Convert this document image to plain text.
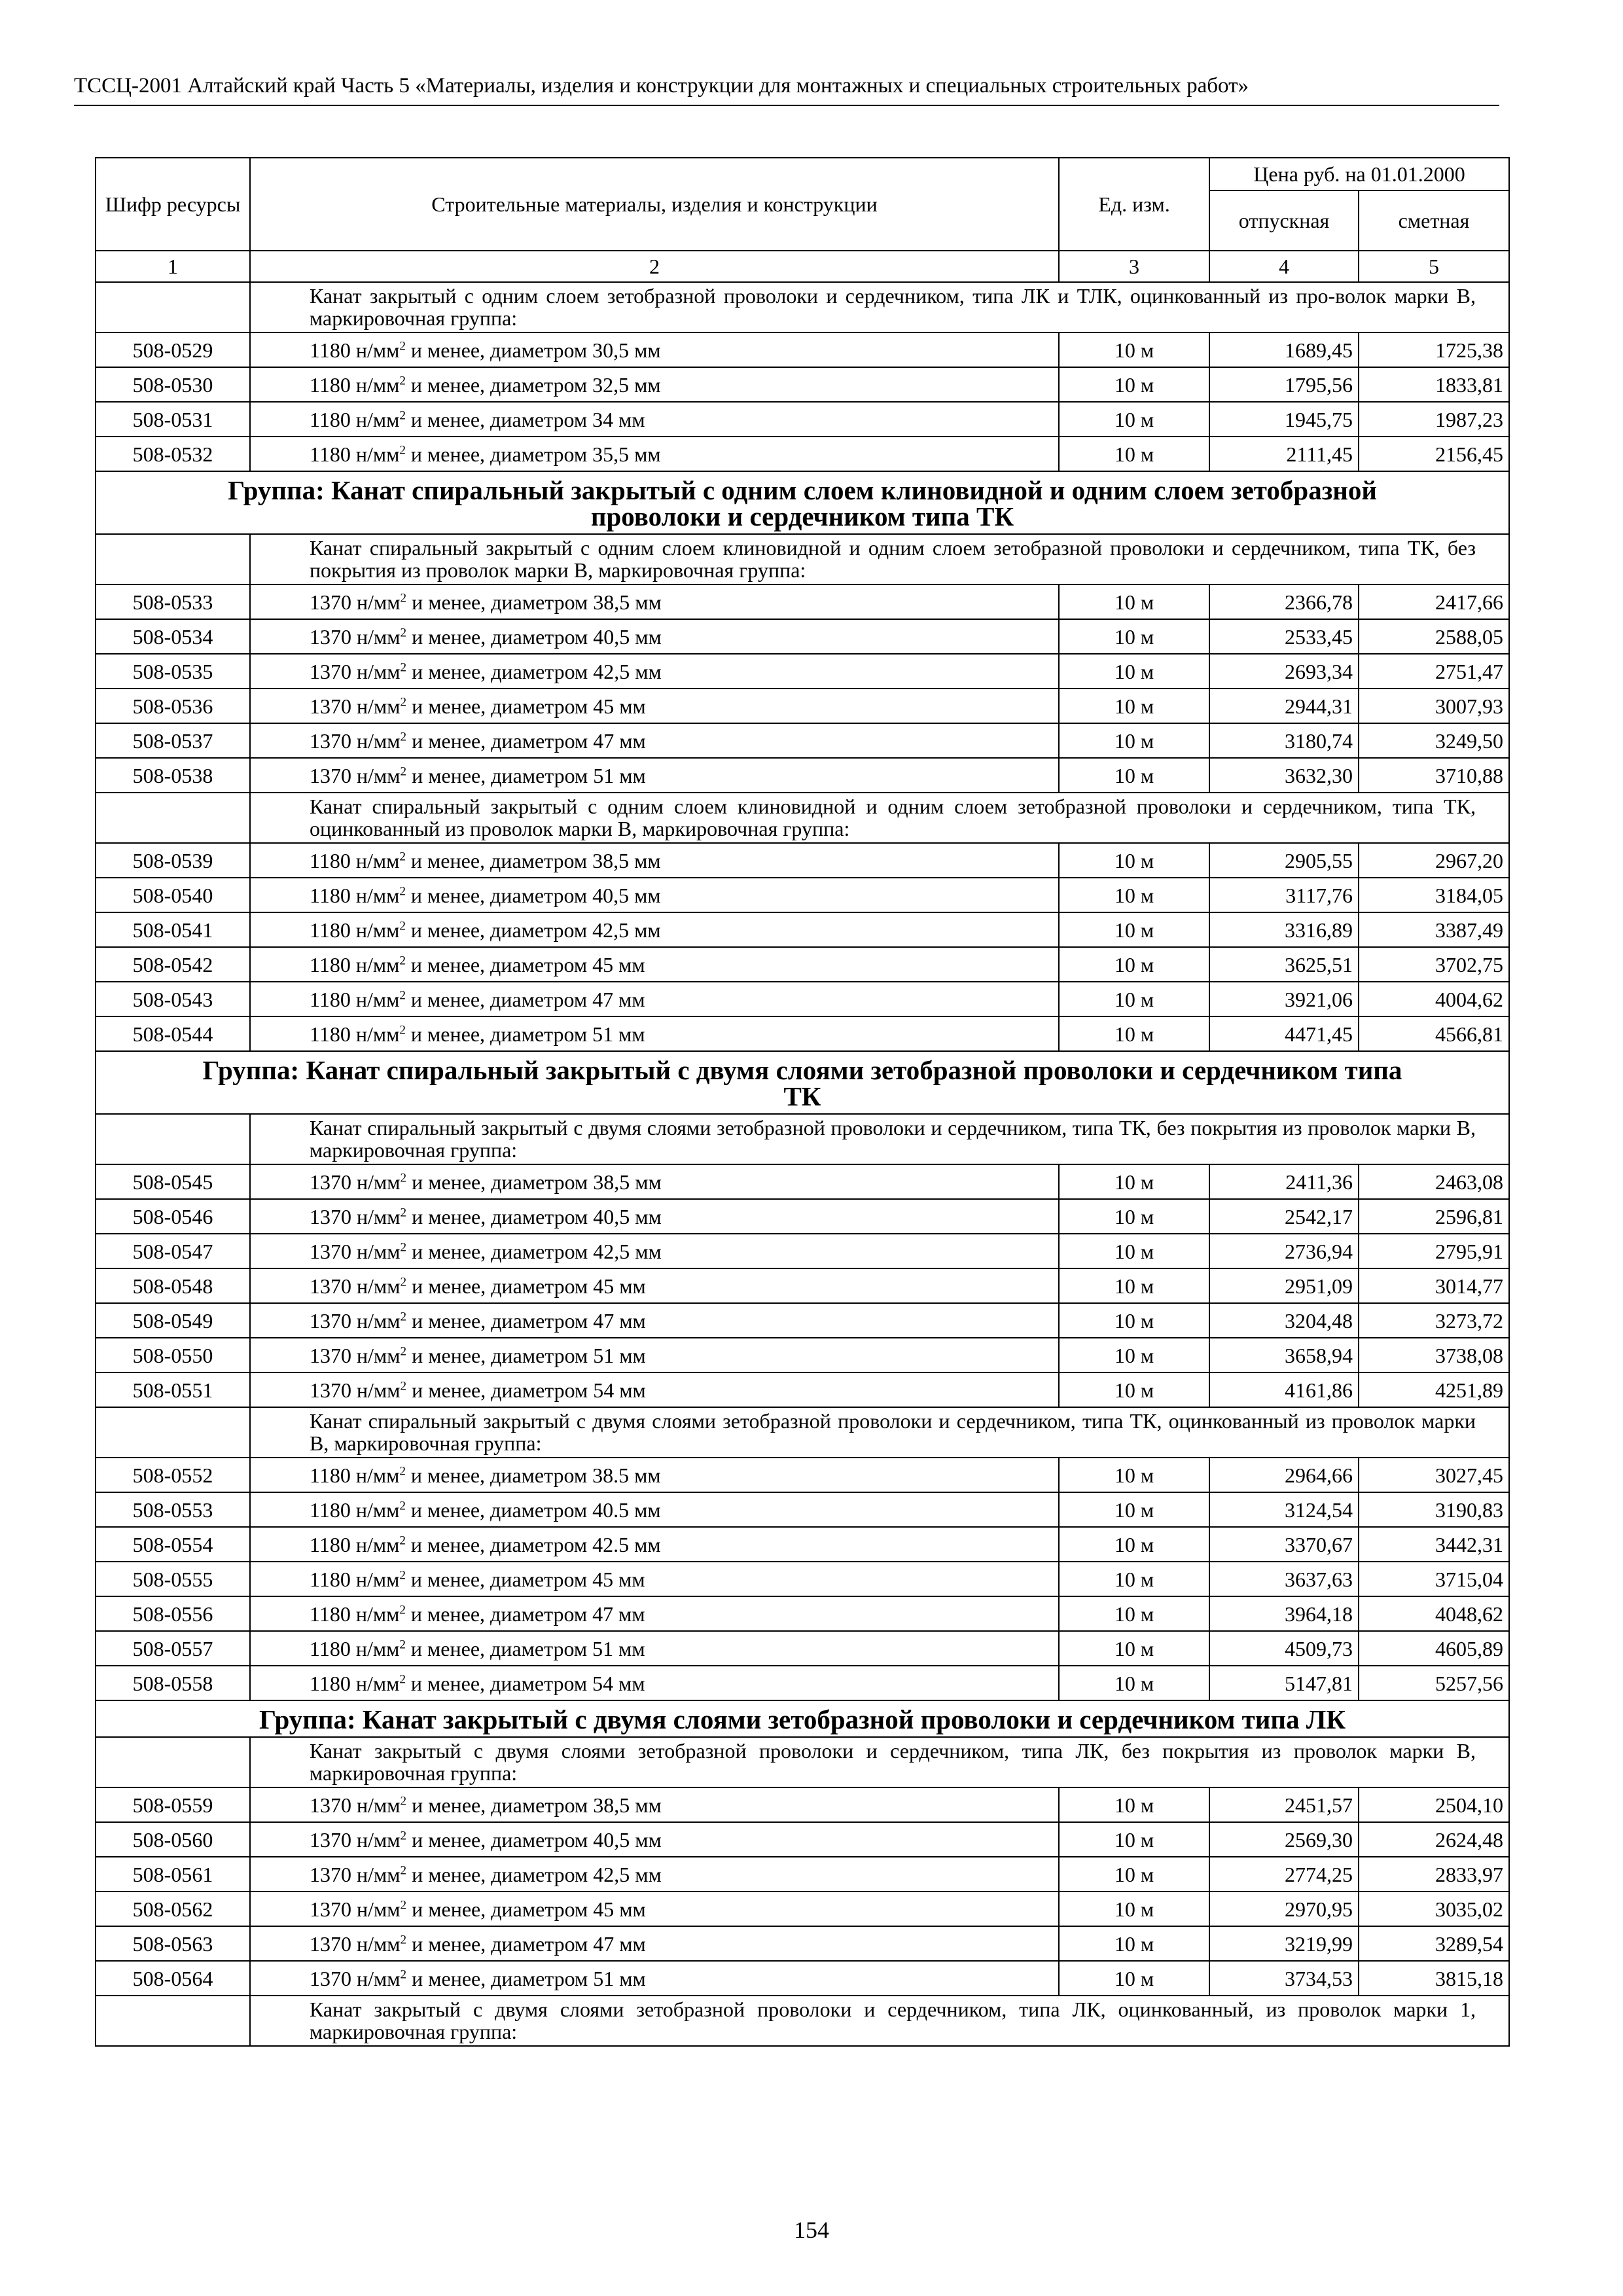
ТССЦ-2001 Алтайский край Часть 5 «Материалы, изделия и конструкции для монтажных и специальных строительных работ»
Шифр ресурсы	Строительные материалы, изделия и конструкции	Ед. изм.	Цена руб. на 01.01.2000	
			отпускная	сметная
1	2	3	4	5
	Канат закрытый с одним слоем зетобразной проволоки и сердечником, типа ЛК и ТЛК, оцинкованный из про-волок марки В, маркировочная группа:			
508-0529	1180 $н/мм^2$ и менее, диаметром 30,5 мм	10 м	1689,45	1725,38
508-0530	1180 $н/мм^2$ и менее, диаметром 32,5 мм	10 м	1795,56	1833,81
508-0531	1180 $н/мм^2$ и менее, диаметром 34 мм	10 м	1945,75	1987,23
508-0532	1180 $н/мм^2$ и менее, диаметром 35,5 мм	10 м	2111,45	2156,45
Группа: Канат спиральный закрытый с одним слоем клиновидной и одним слоем зетобразной проволоки и сердечником типа ТК				
	Канат спиральный закрытый с одним слоем клиновидной и одним слоем зетобразной проволоки и сердечником, типа ТК, без покрытия из проволок марки В, маркировочная группа:			
508-0533	1370 $н/мм^2$ и менее, диаметром 38,5 мм	10 м	2366,78	2417,66
508-0534	1370 $н/мм^2$ и менее, диаметром 40,5 мм	10 м	2533,45	2588,05
508-0535	1370 $н/мм^2$ и менее, диаметром 42,5 мм	10 м	2693,34	2751,47
508-0536	1370 $н/мм^2$ и менее, диаметром 45 мм	10 м	2944,31	3007,93
508-0537	1370 $н/мм^2$ и менее, диаметром 47 мм	10 м	3180,74	3249,50
508-0538	1370 $н/мм^2$ и менее, диаметром 51 мм	10 м	3632,30	3710,88
	Канат спиральный закрытый с одним слоем клиновидной и одним слоем зетобразной проволоки и сердечником, типа ТК, оцинкованный из проволок марки В, маркировочная группа:			
508-0539	1180 $н/мм^2$ и менее, диаметром 38,5 мм	10 м	2905,55	2967,20
508-0540	1180 $н/мм^2$ и менее, диаметром 40,5 мм	10 м	3117,76	3184,05
508-0541	1180 $н/мм^2$ и менее, диаметром 42,5 мм	10 м	3316,89	3387,49
508-0542	1180 $н/мм^2$ и менее, диаметром 45 мм	10 м	3625,51	3702,75
508-0543	1180 $н/мм^2$ и менее, диаметром 47 мм	10 м	3921,06	4004,62
508-0544	1180 $н/мм^2$ и менее, диаметром 51 мм	10 м	4471,45	4566,81
Группа: Канат спиральный закрытый с двумя слоями зетобразной проволоки и сердечником типа ТК				
	Канат спиральный закрытый с двумя слоями зетобразной проволоки и сердечником, типа ТК, без покрытия из проволок марки В, маркировочная группа:			
508-0545	1370 $н/мм^2$ и менее, диаметром 38,5 мм	10 м	2411,36	2463,08
508-0546	1370 $н/мм^2$ и менее, диаметром 40,5 мм	10 м	2542,17	2596,81
508-0547	1370 $н/мм^2$ и менее, диаметром 42,5 мм	10 м	2736,94	2795,91
508-0548	1370 $н/мм^2$ и менее, диаметром 45 мм	10 м	2951,09	3014,77
508-0549	1370 $н/мм^2$ и менее, диаметром 47 мм	10 м	3204,48	3273,72
508-0550	1370 $н/мм^2$ и менее, диаметром 51 мм	10 м	3658,94	3738,08
508-0551	1370 $н/мм^2$ и менее, диаметром 54 мм	10 м	4161,86	4251,89
	Канат спиральный закрытый с двумя слоями зетобразной проволоки и сердечником, типа ТК, оцинкованный из проволок марки В, маркировочная группа:			
508-0552	1180 $н/мм^2$ и менее, диаметром 38.5 мм	10 м	2964,66	3027,45
508-0553	1180 $н/мм^2$ и менее, диаметром 40.5 мм	10 м	3124,54	3190,83
508-0554	1180 $н/мм^2$ и менее, диаметром 42.5 мм	10 м	3370,67	3442,31
508-0555	1180 $н/мм^2$ и менее, диаметром 45 мм	10 м	3637,63	3715,04
508-0556	1180 $н/мм^2$ и менее, диаметром 47 мм	10 м	3964,18	4048,62
508-0557	1180 $н/мм^2$ и менее, диаметром 51 мм	10 м	4509,73	4605,89
508-0558	1180 $н/мм^2$ и менее, диаметром 54 мм	10 м	5147,81	5257,56
Группа: Канат закрытый с двумя слоями зетобразной проволоки и сердечником типа ЛК				
	Канат закрытый с двумя слоями зетобразной проволоки и сердечником, типа ЛК, без покрытия из проволок марки В, маркировочная группа:			
508-0559	1370 $н/мм^2$ и менее, диаметром 38,5 мм	10 м	2451,57	2504,10
508-0560	1370 $н/мм^2$ и менее, диаметром 40,5 мм	10 м	2569,30	2624,48
508-0561	1370 $н/мм^2$ и менее, диаметром 42,5 мм	10 м	2774,25	2833,97
508-0562	1370 $н/мм^2$ и менее, диаметром 45 мм	10 м	2970,95	3035,02
508-0563	1370 $н/мм^2$ и менее, диаметром 47 мм	10 м	3219,99	3289,54
508-0564	1370 $н/мм^2$ и менее, диаметром 51 мм	10 м	3734,53	3815,18
	Канат закрытый с двумя слоями зетобразной проволоки и сердечником, типа ЛК, оцинкованный, из проволок марки 1, маркировочная группа:			
154
